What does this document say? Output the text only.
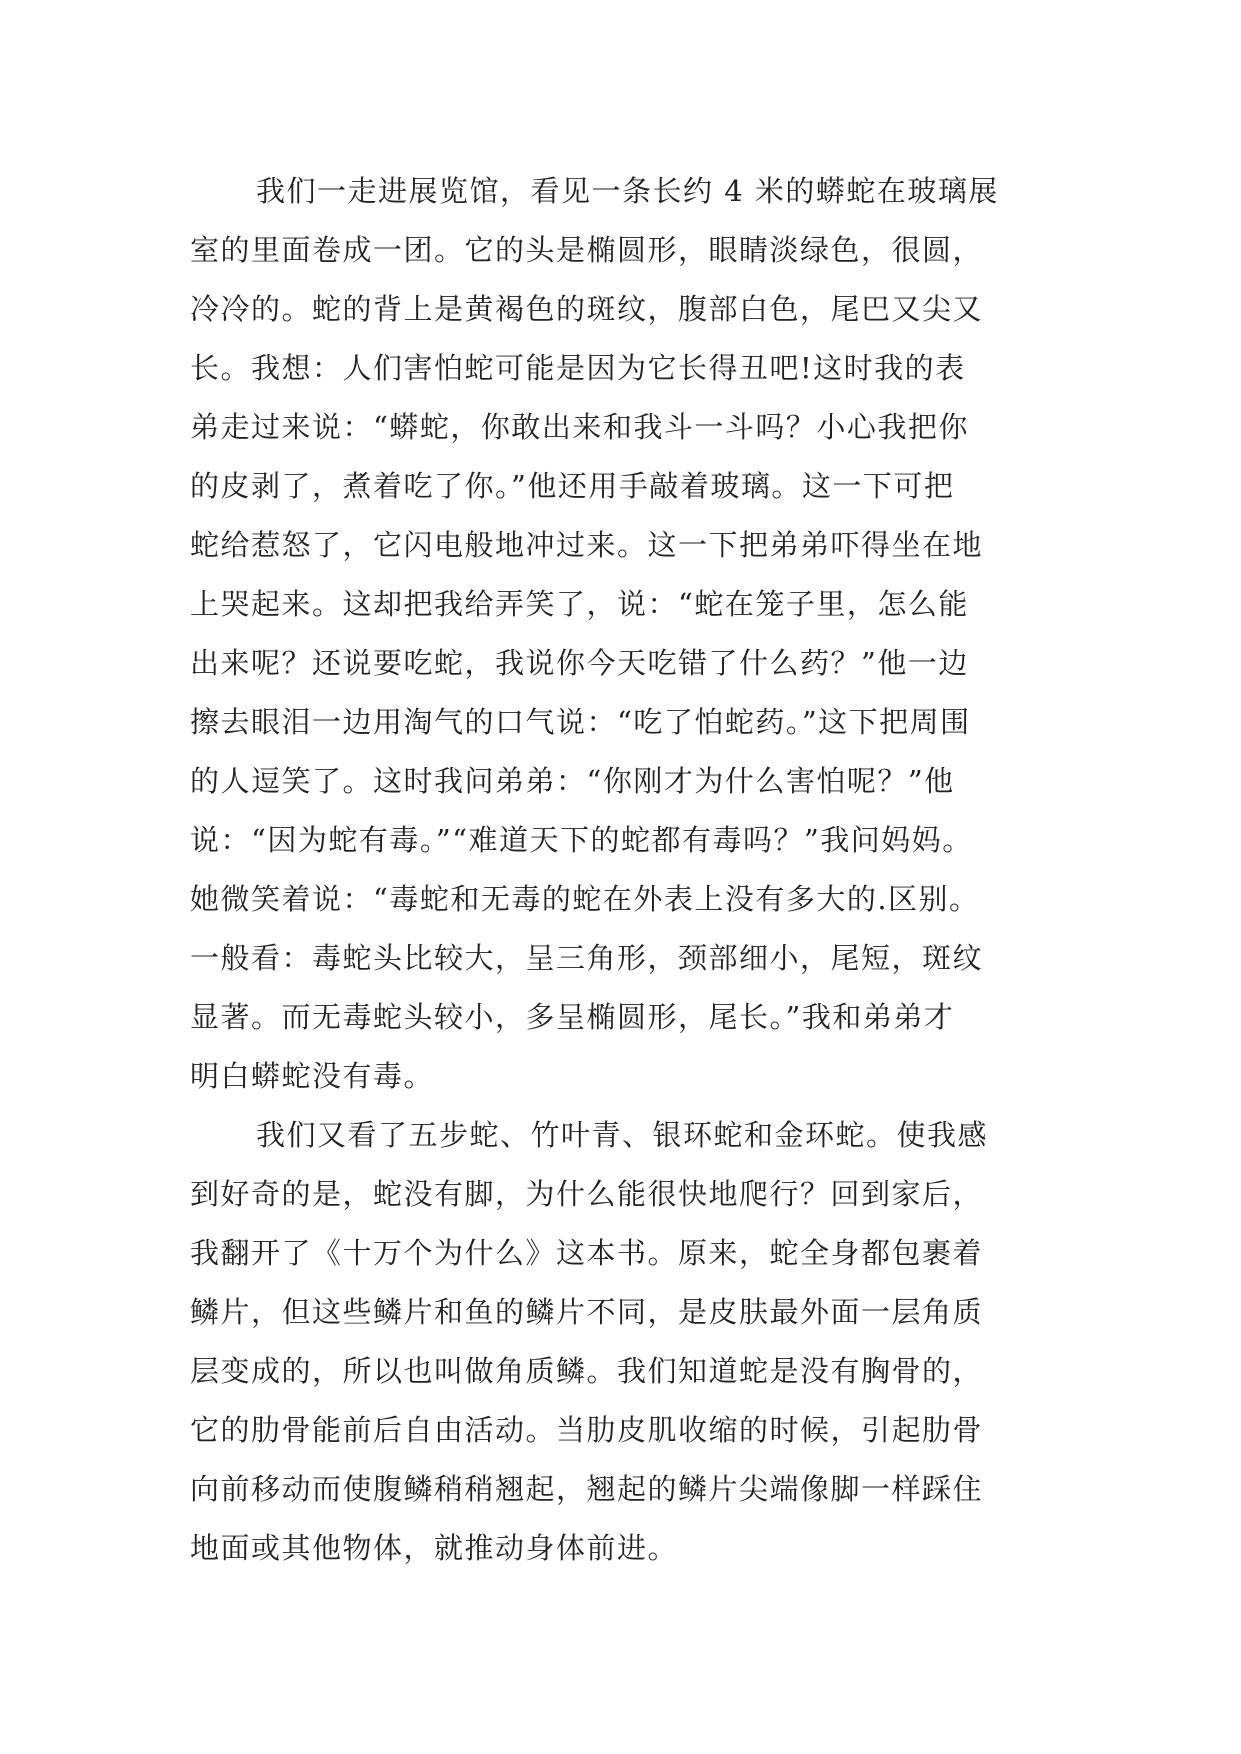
我们一走进展览馆，看见一条长约 4 米的蟒蛇在玻璃展
室的里面卷成一团。它的头是椭圆形，眼睛淡绿色，很圆，
冷冷的。蛇的背上是黄褐色的斑纹，腹部白色，尾巴又尖又
长。我想：人们害怕蛇可能是因为它长得丑吧!这时我的表
弟走过来说：“蟒蛇，你敢出来和我斗一斗吗？小心我把你
的皮剥了，煮着吃了你。”他还用手敲着玻璃。这一下可把
蛇给惹怒了，它闪电般地冲过来。这一下把弟弟吓得坐在地
上哭起来。这却把我给弄笑了，说：“蛇在笼子里，怎么能
出来呢？还说要吃蛇，我说你今天吃错了什么药？”他一边
擦去眼泪一边用淘气的口气说：“吃了怕蛇药。”这下把周围
的人逗笑了。这时我问弟弟：“你刚才为什么害怕呢？”他
说：“因为蛇有毒。”“难道天下的蛇都有毒吗？”我问妈妈。
她微笑着说：“毒蛇和无毒的蛇在外表上没有多大的.区别。
一般看：毒蛇头比较大，呈三角形，颈部细小，尾短，斑纹
显著。而无毒蛇头较小，多呈椭圆形，尾长。”我和弟弟才
明白蟒蛇没有毒。
我们又看了五步蛇、竹叶青、银环蛇和金环蛇。使我感
到好奇的是，蛇没有脚，为什么能很快地爬行？回到家后，
我翻开了《十万个为什么》这本书。原来，蛇全身都包裹着
鳞片，但这些鳞片和鱼的鳞片不同，是皮肤最外面一层角质
层变成的，所以也叫做角质鳞。我们知道蛇是没有胸骨的，
它的肋骨能前后自由活动。当肋皮肌收缩的时候，引起肋骨
向前移动而使腹鳞稍稍翘起，翘起的鳞片尖端像脚一样踩住
地面或其他物体，就推动身体前进。
